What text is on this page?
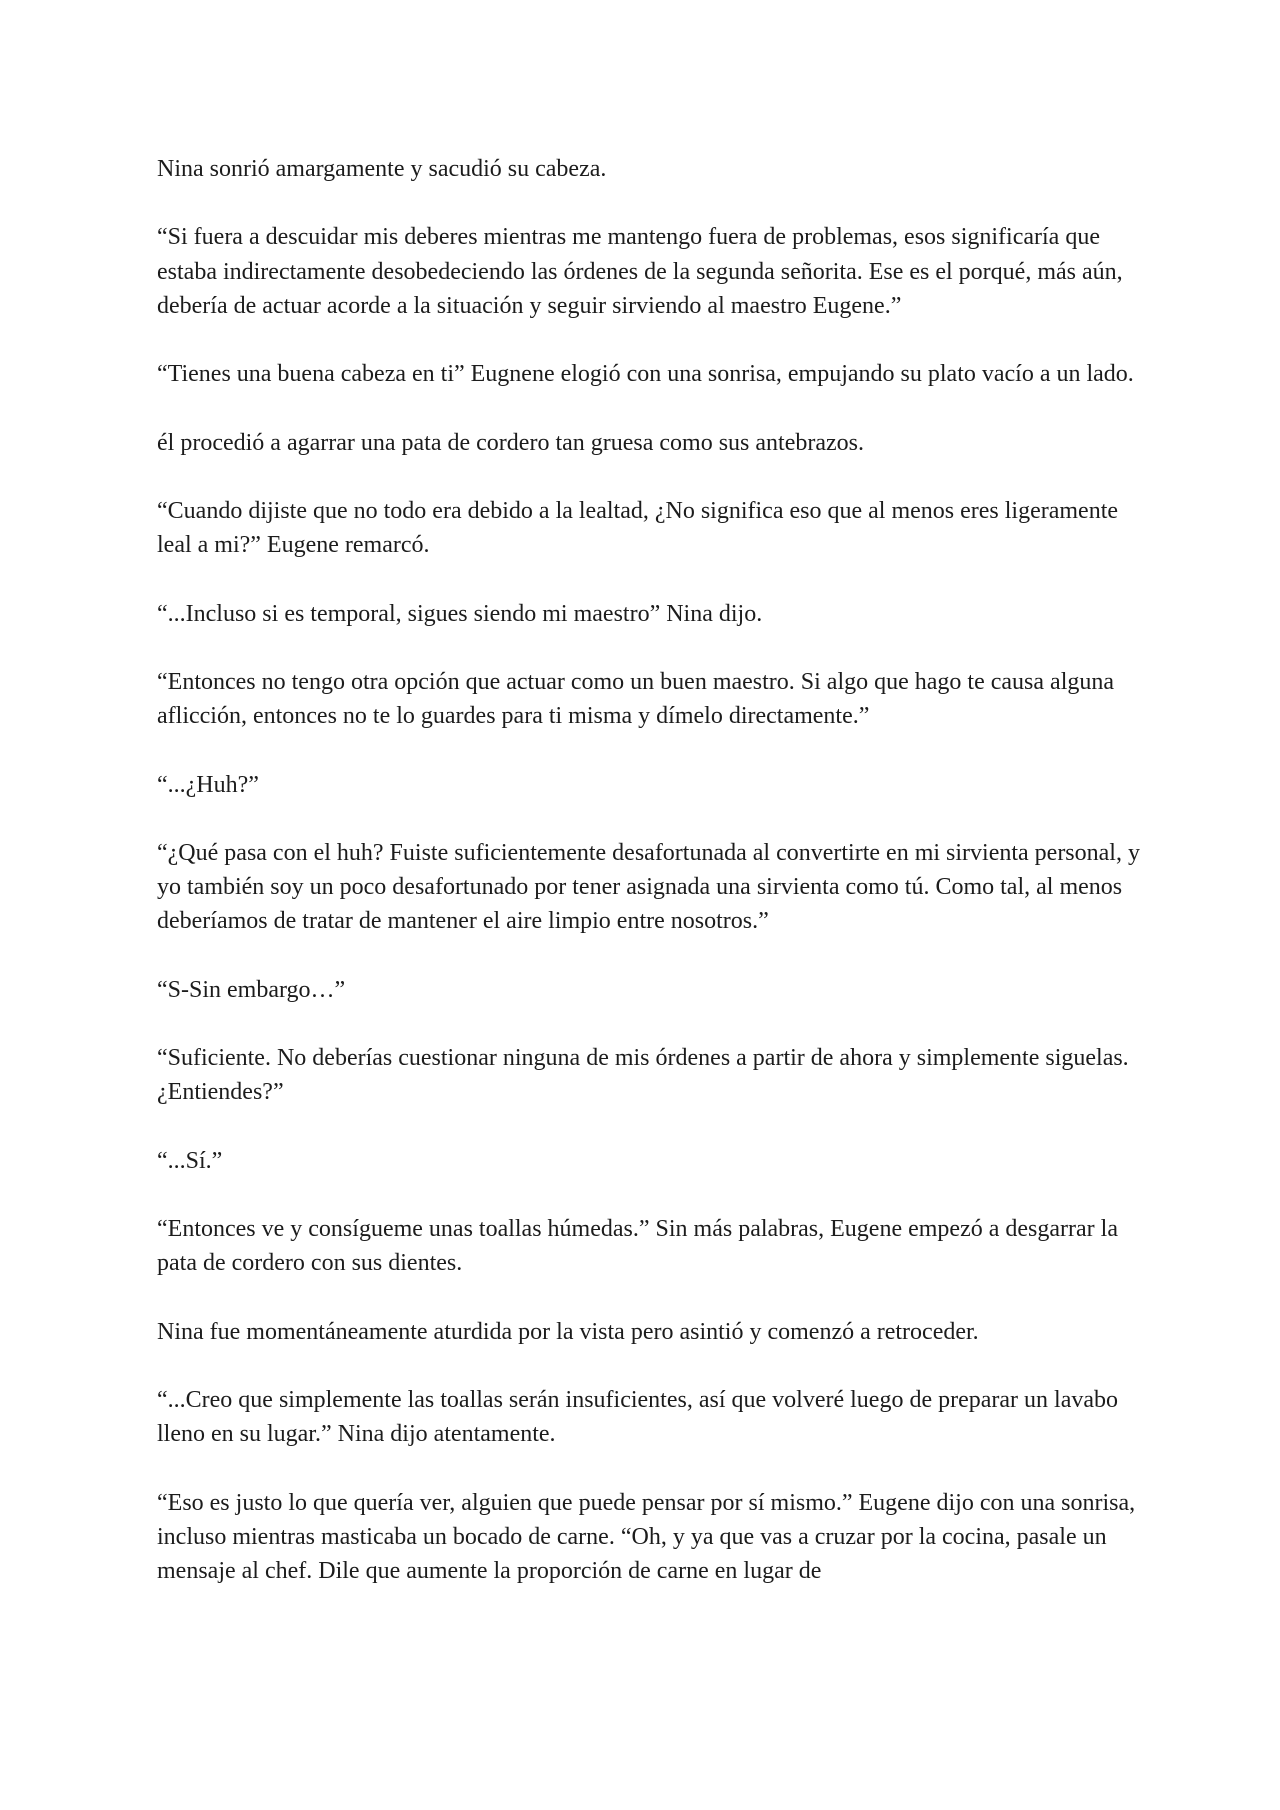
Nina sonrió amargamente y sacudió su cabeza.

“Si fuera a descuidar mis deberes mientras me mantengo fuera de problemas, esos significaría que estaba indirectamente desobedeciendo las órdenes de la segunda señorita. Ese es el porqué, más aún, debería de actuar acorde a la situación y seguir sirviendo al maestro Eugene.”

“Tienes una buena cabeza en ti” Eugnene elogió con una sonrisa, empujando su plato vacío a un lado.

él procedió a agarrar una pata de cordero tan gruesa como sus antebrazos.

“Cuando dijiste que no todo era debido a la lealtad, ¿No significa eso que al menos eres ligeramente leal a mi?” Eugene remarcó.

“...Incluso si es temporal, sigues siendo mi maestro” Nina dijo.

“Entonces no tengo otra opción que actuar como un buen maestro. Si algo que hago te causa alguna aflicción, entonces no te lo guardes para ti misma y dímelo directamente.”

“...¿Huh?”

“¿Qué pasa con el huh? Fuiste suficientemente desafortunada al convertirte en mi sirvienta personal, y yo también soy un poco desafortunado por tener asignada una sirvienta como tú. Como tal, al menos deberíamos de tratar de mantener el aire limpio entre nosotros.”

“S-Sin embargo…”

“Suficiente. No deberías cuestionar ninguna de mis órdenes a partir de ahora y simplemente siguelas. ¿Entiendes?”

“...Sí.”

“Entonces ve y consígueme unas toallas húmedas.” Sin más palabras, Eugene empezó a desgarrar la pata de cordero con sus dientes.

Nina fue momentáneamente aturdida por la vista pero asintió y comenzó a retroceder.

“...Creo que simplemente las toallas serán insuficientes, así que volveré luego de preparar un lavabo lleno en su lugar.” Nina dijo atentamente.

“Eso es justo lo que quería ver, alguien que puede pensar por sí mismo.” Eugene dijo con una sonrisa, incluso mientras masticaba un bocado de carne. “Oh, y ya que vas a cruzar por la cocina, pasale un mensaje al chef. Dile que aumente la proporción de carne en lugar de
